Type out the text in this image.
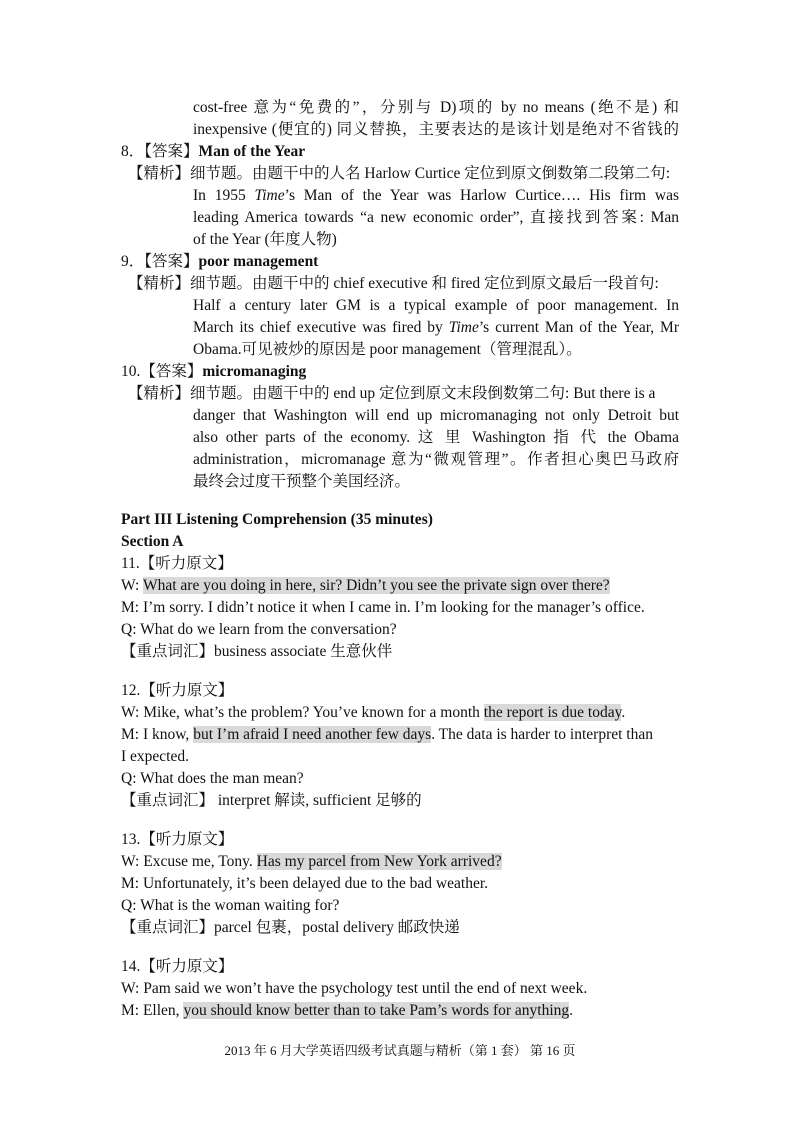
cost-free 意为“免费的”，分别与 D)项的 by no means (绝不是) 和
inexpensive (便宜的) 同义替换，主要表达的是该计划是绝对不省钱的
8．【答案】Man of the Year
【精析】细节题。由题干中的人名 Harlow Curtice 定位到原文倒数第二段第二句:
In 1955 Time’s Man of the Year was Harlow Curtice…. His firm was
leading America towards “a new economic order”, 直接找到答案: Man
of the Year (年度人物)
9．【答案】poor management
【精析】细节题。由题干中的 chief executive 和 fired 定位到原文最后一段首句:
Half a century later GM is a typical example of poor management. In
March its chief executive was fired by Time’s current Man of the Year, Mr
Obama.可见被炒的原因是 poor management（管理混乱）。
10.【答案】micromanaging
【精析】细节题。由题干中的 end up 定位到原文末段倒数第二句: But there is a
danger that Washington will end up micromanaging not only Detroit but
also other parts of the economy. 这 里 Washington 指 代 the Obama
administration，micromanage 意为“微观管理”。作者担心奥巴马政府
最终会过度干预整个美国经济。
Part III Listening Comprehension (35 minutes)
Section A
11.【听力原文】
W: What are you doing in here, sir? Didn’t you see the private sign over there?
M: I’m sorry. I didn’t notice it when I came in. I’m looking for the manager’s office.
Q: What do we learn from the conversation?
【重点词汇】business associate 生意伙伴
12.【听力原文】
W: Mike, what’s the problem? You’ve known for a month the report is due today.
M: I know, but I’m afraid I need another few days. The data is harder to interpret than
I expected.
Q: What does the man mean?
【重点词汇】 interpret 解读, sufficient 足够的
13.【听力原文】
W: Excuse me, Tony. Has my parcel from New York arrived?
M: Unfortunately, it’s been delayed due to the bad weather.
Q: What is the woman waiting for?
【重点词汇】parcel 包裹，postal delivery 邮政快递
14.【听力原文】
W: Pam said we won’t have the psychology test until the end of next week.
M: Ellen, you should know better than to take Pam’s words for anything.
2013 年 6 月大学英语四级考试真题与精析（第 1 套） 第 16 页
